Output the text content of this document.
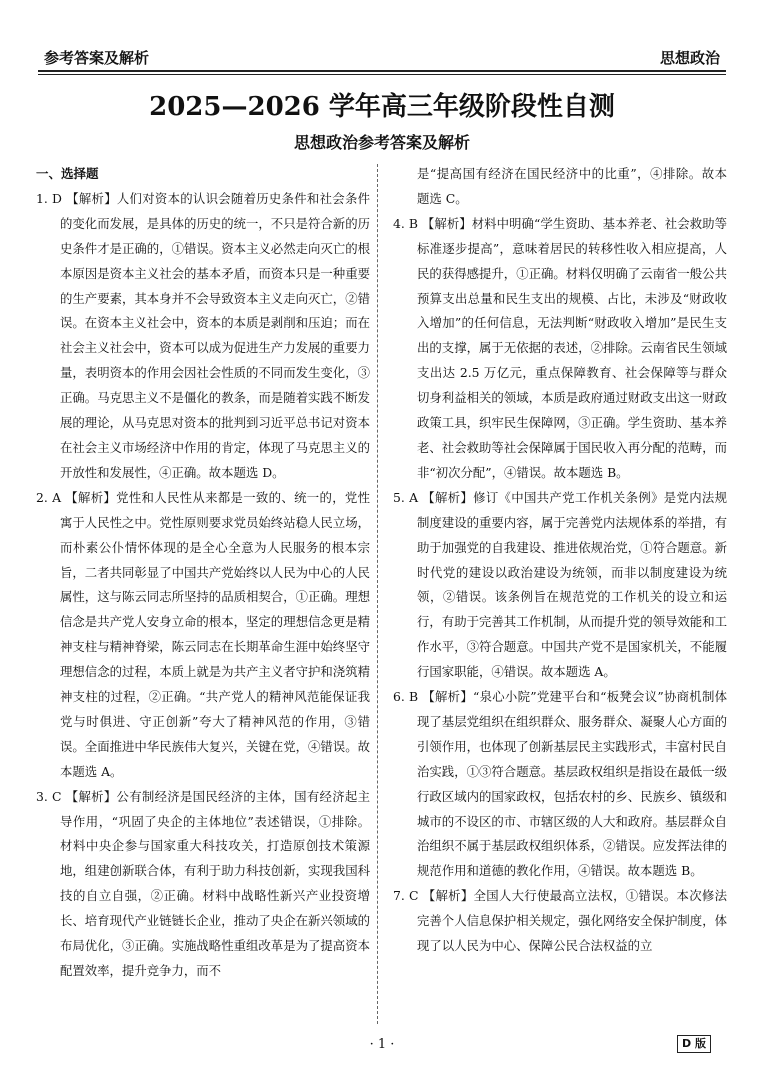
参考答案及解析	思想政治
2025—2026 学年高三年级阶段性自测
思想政治参考答案及解析
一、选择题
1. D 【解析】人们对资本的认识会随着历史条件和社会条件的变化而发展，是具体的历史的统一，不只是符合新的历史条件才是正确的，①错误。资本主义必然走向灭亡的根本原因是资本主义社会的基本矛盾，而资本只是一种重要的生产要素，其本身并不会导致资本主义走向灭亡，②错误。在资本主义社会中，资本的本质是剥削和压迫；而在社会主义社会中，资本可以成为促进生产力发展的重要力量，表明资本的作用会因社会性质的不同而发生变化，③正确。马克思主义不是僵化的教条，而是随着实践不断发展的理论，从马克思对资本的批判到习近平总书记对资本在社会主义市场经济中作用的肯定，体现了马克思主义的开放性和发展性，④正确。故本题选 D。
2. A 【解析】党性和人民性从来都是一致的、统一的，党性寓于人民性之中。党性原则要求党员始终站稳人民立场，而朴素公仆情怀体现的是全心全意为人民服务的根本宗旨，二者共同彰显了中国共产党始终以人民为中心的人民属性，这与陈云同志所坚持的品质相契合，①正确。理想信念是共产党人安身立命的根本，坚定的理想信念更是精神支柱与精神脊梁，陈云同志在长期革命生涯中始终坚守理想信念的过程，本质上就是为共产主义者守护和浇筑精神支柱的过程，②正确。“共产党人的精神风范能保证我党与时俱进、守正创新”夸大了精神风范的作用，③错误。全面推进中华民族伟大复兴，关键在党，④错误。故本题选 A。
3. C 【解析】公有制经济是国民经济的主体，国有经济起主导作用，“巩固了央企的主体地位”表述错误，①排除。材料中央企参与国家重大科技攻关，打造原创技术策源地，组建创新联合体，有利于助力科技创新，实现我国科技的自立自强，②正确。材料中战略性新兴产业投资增长、培育现代产业链链长企业，推动了央企在新兴领域的布局优化，③正确。实施战略性重组改革是为了提高资本配置效率，提升竞争力，而不
是“提高国有经济在国民经济中的比重”，④排除。故本题选 C。
4. B 【解析】材料中明确“学生资助、基本养老、社会救助等标准逐步提高”，意味着居民的转移性收入相应提高，人民的获得感提升，①正确。材料仅明确了云南省一般公共预算支出总量和民生支出的规模、占比，未涉及“财政收入增加”的任何信息，无法判断“财政收入增加”是民生支出的支撑，属于无依据的表述，②排除。云南省民生领域支出达 2.5 万亿元，重点保障教育、社会保障等与群众切身利益相关的领域，本质是政府通过财政支出这一财政政策工具，织牢民生保障网，③正确。学生资助、基本养老、社会救助等社会保障属于国民收入再分配的范畴，而非“初次分配”，④错误。故本题选 B。
5. A 【解析】修订《中国共产党工作机关条例》是党内法规制度建设的重要内容，属于完善党内法规体系的举措，有助于加强党的自我建设、推进依规治党，①符合题意。新时代党的建设以政治建设为统领，而非以制度建设为统领，②错误。该条例旨在规范党的工作机关的设立和运行，有助于完善其工作机制，从而提升党的领导效能和工作水平，③符合题意。中国共产党不是国家机关，不能履行国家职能，④错误。故本题选 A。
6. B 【解析】“泉心小院”党建平台和“板凳会议”协商机制体现了基层党组织在组织群众、服务群众、凝聚人心方面的引领作用，也体现了创新基层民主实践形式，丰富村民自治实践，①③符合题意。基层政权组织是指设在最低一级行政区域内的国家政权，包括农村的乡、民族乡、镇级和城市的不设区的市、市辖区级的人大和政府。基层群众自治组织不属于基层政权组织体系，②错误。应发挥法律的规范作用和道德的教化作用，④错误。故本题选 B。
7. C 【解析】全国人大行使最高立法权，①错误。本次修法完善个人信息保护相关规定，强化网络安全保护制度，体现了以人民为中心、保障公民合法权益的立
· 1 ·	D 版
